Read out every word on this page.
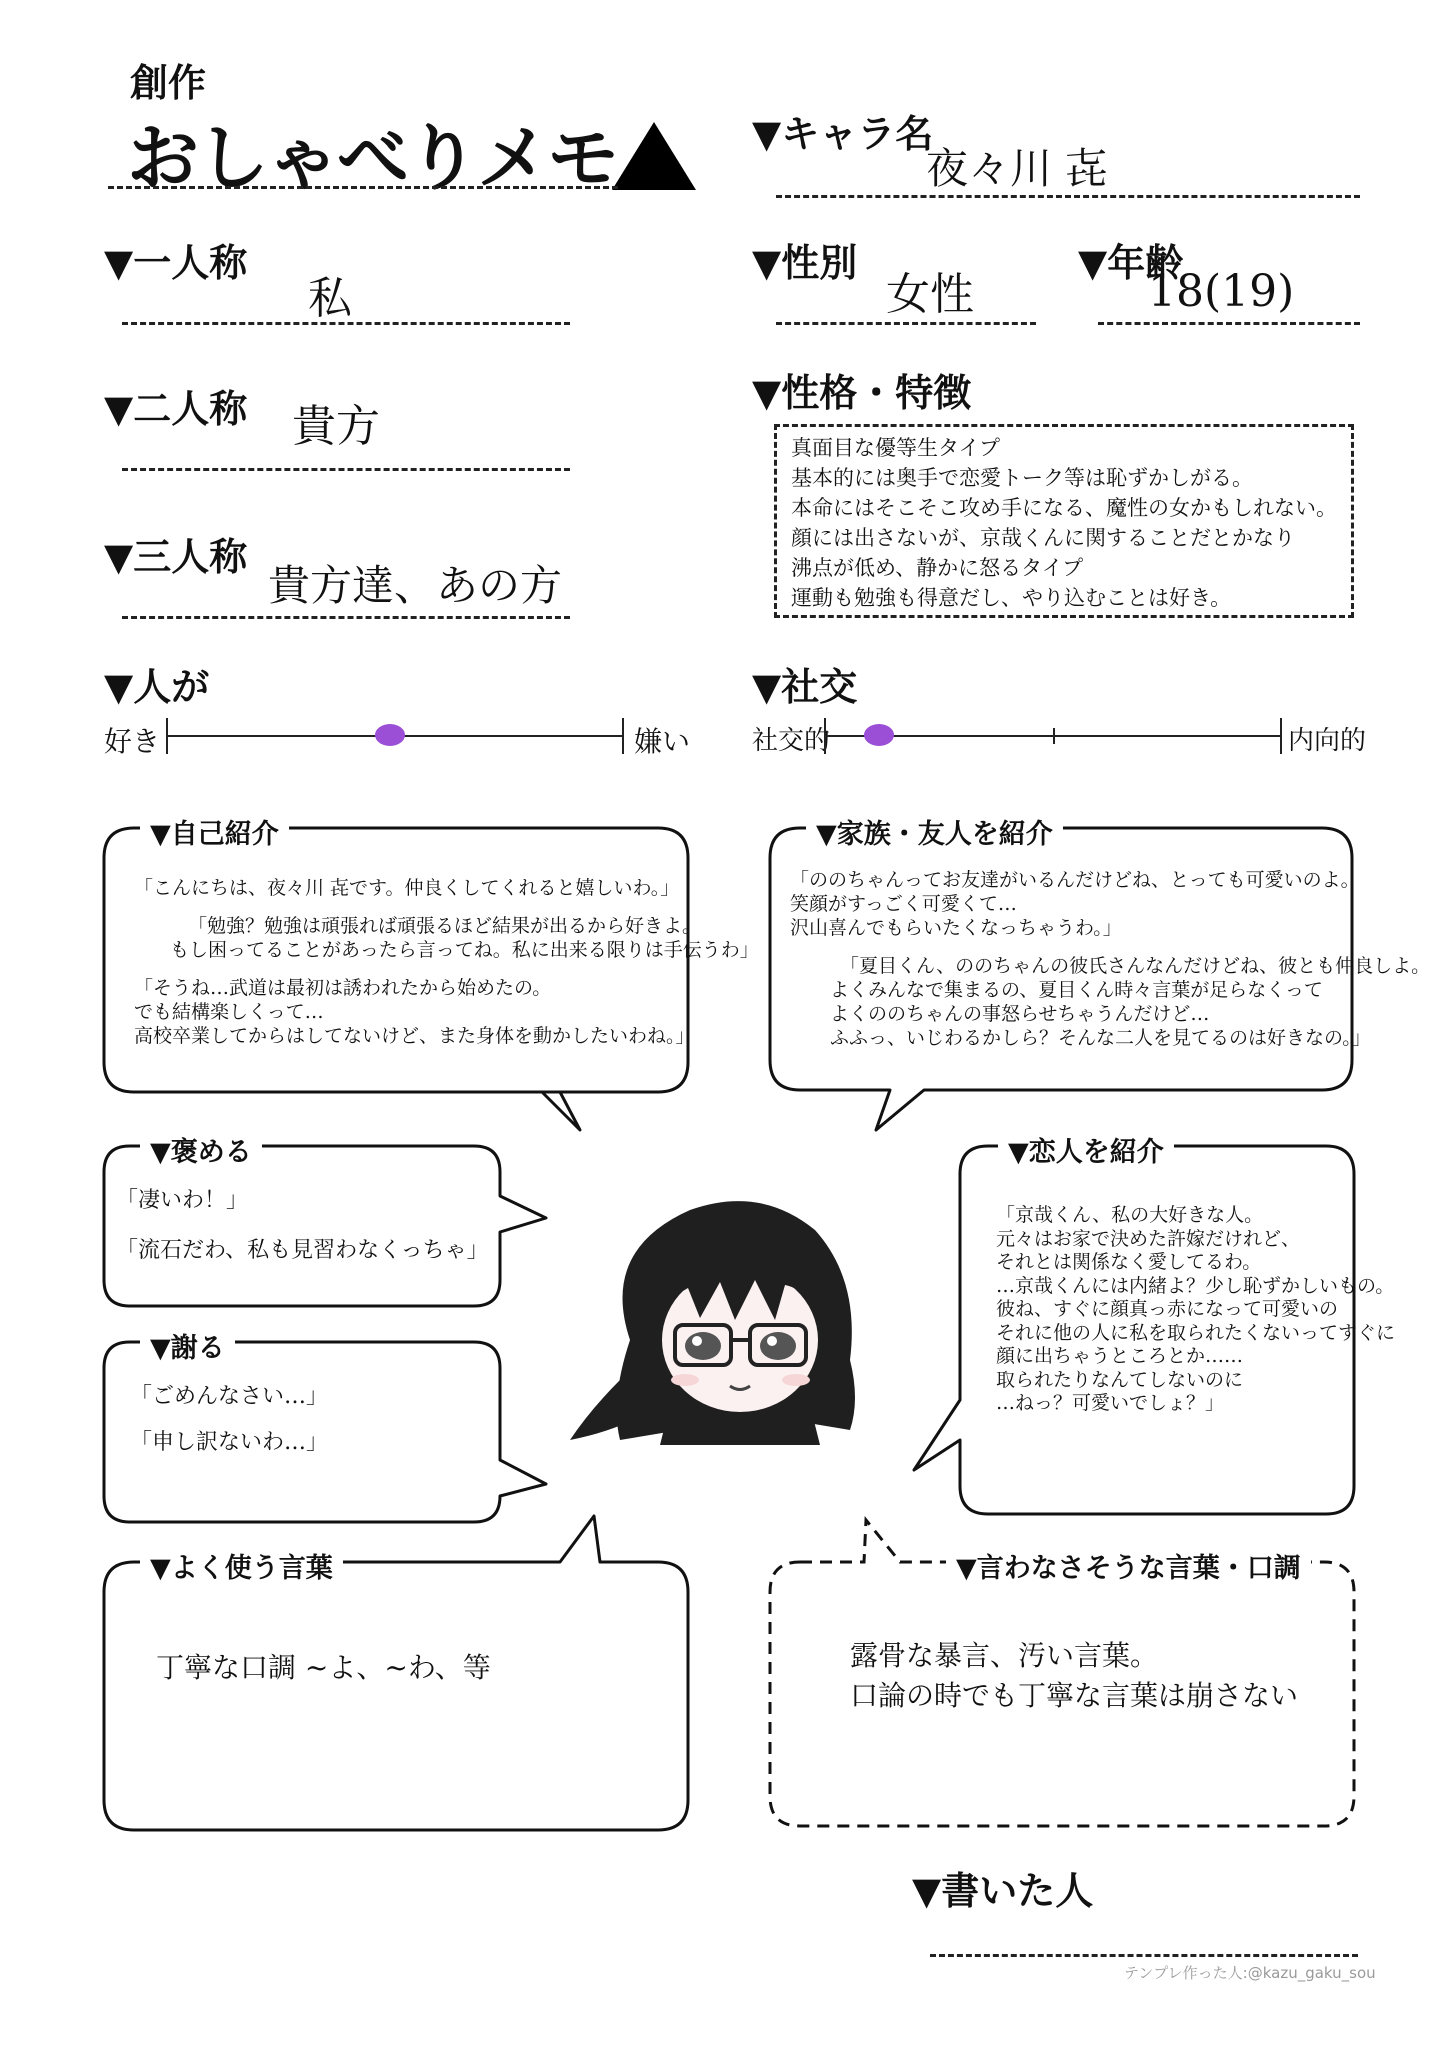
創作
おしゃべりメモ	▼キャラ名
夜々川 㐂
▼一人称
私
▼二人称 貴方
▼三人称
貴方達、あの方
▼性別
女性
▼年齢
18(19)
▼性格・特徴
真面目な優等生タイプ
基本的には奥手で恋愛トーク等は恥ずかしがる。
本命にはそこそこ攻め手になる、魔性の女かもしれない。
顔には出さないが、京哉くんに関することだとかなり
沸点が低め、静かに怒るタイプ
運動も勉強も得意だし、やり込むことは好き。
▼人が
好き	嫌い
▼社交
社交的	内向的
▼自己紹介	▼家族・友人を紹介
▼褒める
▼謝る
▼恋人を紹介
▼よく使う言葉	▼言わなさそうな言葉・口調
「こんにちは、夜々川 㐂です。仲良くしてくれると嬉しいわ。」
「勉強？勉強は頑張れば頑張るほど結果が出るから好きよ。
もし困ってることがあったら言ってね。私に出来る限りは手伝うわ」
「そうね…武道は最初は誘われたから始めたの。
でも結構楽しくって…
高校卒業してからはしてないけど、また身体を動かしたいわね。」
「ののちゃんってお友達がいるんだけどね、とっても可愛いのよ。
笑顔がすっごく可愛くて…
沢山喜んでもらいたくなっちゃうわ。」
「夏目くん、ののちゃんの彼氏さんなんだけどね、彼とも仲良しよ。
よくみんなで集まるの、夏目くん時々言葉が足らなくって
よくののちゃんの事怒らせちゃうんだけど…
ふふっ、いじわるかしら？そんな二人を見てるのは好きなの。」
「凄いわ！」
「流石だわ、私も見習わなくっちゃ」
「ごめんなさい…」
「申し訳ないわ…」
「京哉くん、私の大好きな人。
元々はお家で決めた許嫁だけれど、
それとは関係なく愛してるわ。
…京哉くんには内緒よ？少し恥ずかしいもの。
彼ね、すぐに顔真っ赤になって可愛いの
それに他の人に私を取られたくないってすぐに
顔に出ちゃうところとか……
取られたりなんてしないのに
…ねっ？可愛いでしょ？」
丁寧な口調 ~よ、~わ、等	露骨な暴言、汚い言葉。
口論の時でも丁寧な言葉は崩さない
▼書いた人
テンプレ作った人:@kazu_gaku_sou
